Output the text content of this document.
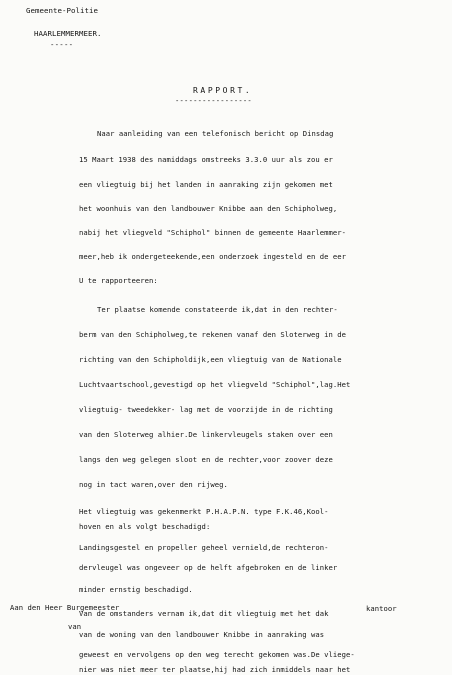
Gemeente-Politie
HAARLEMMERMEER.
-----
RAPPORT.
-----------------
Naar aanleiding van een telefonisch bericht op Dinsdag
15 Maart 1938 des namiddags omstreeks 3.3.0 uur als zou er
een vliegtuig bij het landen in aanraking zijn gekomen met
het woonhuis van den landbouwer Knibbe aan den Schipholweg,
nabij het vliegveld "Schiphol" binnen de gemeente Haarlemmer-
meer,heb ik ondergeteekende,een onderzoek ingesteld en de eer
U te rapporteeren:
Ter plaatse komende constateerde ik,dat in den rechter-
berm van den Schipholweg,te rekenen vanaf den Sloterweg in de
richting van den Schipholdijk,een vliegtuig van de Nationale
Luchtvaartschool,gevestigd op het vliegveld "Schiphol",lag.Het
vliegtuig- tweedekker- lag met de voorzijde in de richting
van den Sloterweg alhier.De linkervleugels staken over een
langs den weg gelegen sloot en de rechter,voor zoover deze
nog in tact waren,over den rijweg.
Het vliegtuig was gekenmerkt P.H.A.P.N. type F.K.46,Kool-
hoven en als volgt beschadigd:
Landingsgestel en propeller geheel vernield,de rechteron-
dervleugel was ongeveer op de helft afgebroken en de linker
minder ernstig beschadigd.
Van de omstanders vernam ik,dat dit vliegtuig met het dak
van de woning van den landbouwer Knibbe in aanraking was
geweest en vervolgens op den weg terecht gekomen was.De vliege-
nier was niet meer ter plaatse,hij had zich inmiddels naar het
Aan den Heer Burgemeester
van
kantoor
